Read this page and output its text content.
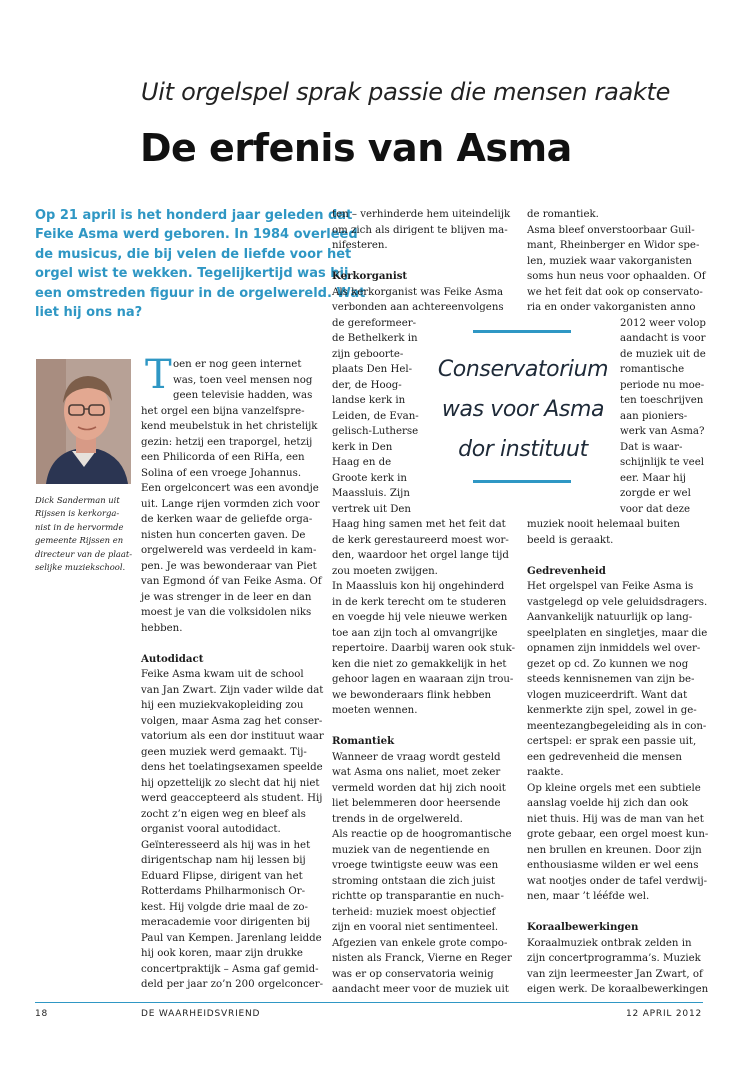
Uit orgelspel sprak passie die mensen raakte
De erfenis van Asma
Op 21 april is het honderd jaar geleden dat
Feike Asma werd geboren. In 1984 overleed
de musicus, die bij velen de liefde voor het
orgel wist te wekken. Tegelijkertijd was hij
een omstreden figuur in de orgelwereld. Wat
liet hij ons na?
Dick Sanderman uit
Rijssen is kerkorga-
nist in de hervormde
gemeente Rijssen en
directeur van de plaat-
selijke muziekschool.
T oen er nog geen internet
was, toen veel mensen nog
geen televisie hadden, was
het orgel een bijna vanzelfspre-
kend meubelstuk in het christelijk
gezin: hetzij een traporgel, hetzij
een Philicorda of een RiHa, een
Solina of een vroege Johannus.
Een orgelconcert was een avondje
uit. Lange rijen vormden zich voor
de kerken waar de geliefde orga-
nisten hun concerten gaven. De
orgelwereld was verdeeld in kam-
pen. Je was bewonderaar van Piet
van Egmond óf van Feike Asma. Of
je was strenger in de leer en dan
moest je van die volksidolen niks
hebben.
Autodidact
Feike Asma kwam uit de school
van Jan Zwart. Zijn vader wilde dat
hij een muziekvakopleiding zou
volgen, maar Asma zag het conser-
vatorium als een dor instituut waar
geen muziek werd gemaakt. Tij-
dens het toelatingsexamen speelde
hij opzettelijk zo slecht dat hij niet
werd geaccepteerd als student. Hij
zocht z’n eigen weg en bleef als
organist vooral autodidact.
Geïnteresseerd als hij was in het
dirigentschap nam hij lessen bij
Eduard Flipse, dirigent van het
Rotterdams Philharmonisch Or-
kest. Hij volgde drie maal de zo-
meracademie voor dirigenten bij
Paul van Kempen. Jarenlang leidde
hij ook koren, maar zijn drukke
concertpraktijk – Asma gaf gemid-
deld per jaar zo’n 200 orgelconcer-
ten – verhinderde hem uiteindelijk
om zich als dirigent te blijven ma-
nifesteren.
Kerkorganist
Als kerkorganist was Feike Asma
verbonden aan achtereenvolgens
de gereformeer-
de Bethelkerk in
zijn geboorte-
plaats Den Hel-
der, de Hoog-
landse kerk in
Leiden, de Evan-
gelisch-Lutherse
kerk in Den
Haag en de
Groote kerk in
Maassluis. Zijn
vertrek uit Den
Haag hing samen met het feit dat
de kerk gerestaureerd moest wor-
den, waardoor het orgel lange tijd
zou moeten zwijgen.
In Maassluis kon hij ongehinderd
in de kerk terecht om te studeren
en voegde hij vele nieuwe werken
toe aan zijn toch al omvangrijke
repertoire. Daarbij waren ook stuk-
ken die niet zo gemakkelijk in het
gehoor lagen en waaraan zijn trou-
we bewonderaars flink hebben
moeten wennen.
Romantiek
Wanneer de vraag wordt gesteld
wat Asma ons naliet, moet zeker
vermeld worden dat hij zich nooit
liet belemmeren door heersende
trends in de orgelwereld.
Als reactie op de hoogromantische
muziek van de negentiende en
vroege twintigste eeuw was een
stroming ontstaan die zich juist
richtte op transparantie en nuch-
terheid: muziek moest objectief
zijn en vooral niet sentimenteel.
Afgezien van enkele grote compo-
nisten als Franck, Vierne en Reger
was er op conservatoria weinig
aandacht meer voor de muziek uit
de romantiek.
Asma bleef onverstoorbaar Guil-
mant, Rheinberger en Widor spe-
len, muziek waar vakorganisten
soms hun neus voor ophaalden. Of
we het feit dat ook op conservato-
ria en onder vakorganisten anno
2012 weer volop
aandacht is voor
de muziek uit de
romantische
periode nu moe-
ten toeschrijven
aan pioniers-
werk van Asma?
Dat is waar-
schijnlijk te veel
eer. Maar hij
zorgde er wel
voor dat deze
muziek nooit helemaal buiten
beeld is geraakt.
Gedrevenheid
Het orgelspel van Feike Asma is
vastgelegd op vele geluidsdragers.
Aanvankelijk natuurlijk op lang-
speelplaten en singletjes, maar die
opnamen zijn inmiddels wel over-
gezet op cd. Zo kunnen we nog
steeds kennisnemen van zijn be-
vlogen muziceerdrift. Want dat
kenmerkte zijn spel, zowel in ge-
meentezangbegeleiding als in con-
certspel: er sprak een passie uit,
een gedrevenheid die mensen
raakte.
Op kleine orgels met een subtiele
aanslag voelde hij zich dan ook
niet thuis. Hij was de man van het
grote gebaar, een orgel moest kun-
nen brullen en kreunen. Door zijn
enthousiasme wilden er wel eens
wat nootjes onder de tafel verdwij-
nen, maar ’t lééfde wel.
Koraalbewerkingen
Koraalmuziek ontbrak zelden in
zijn concertprogramma’s. Muziek
van zijn leermeester Jan Zwart, of
eigen werk. De koraalbewerkingen
Conservatorium
was voor Asma
dor instituut
18	DE WAARHEIDSVRIEND	12 APRIL 2012
